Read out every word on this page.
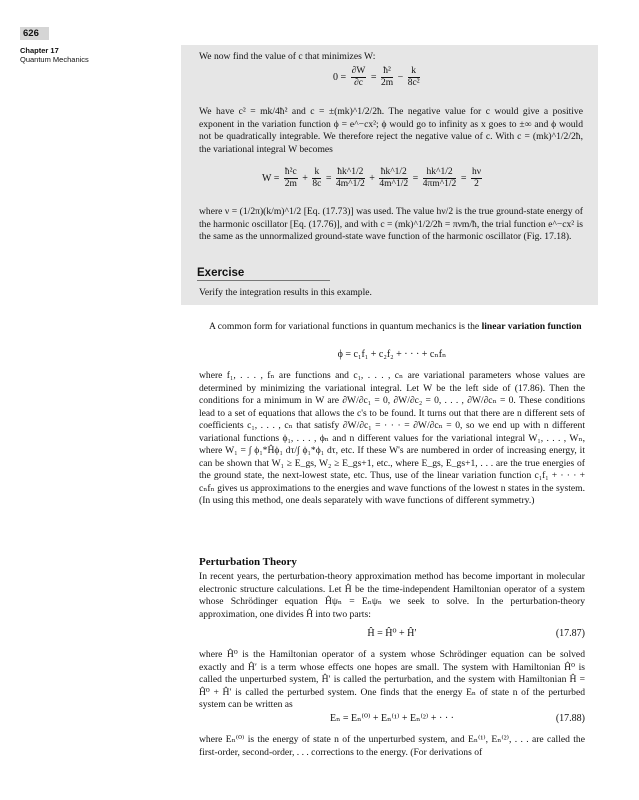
626
Chapter 17
Quantum Mechanics	We now find the value of c that minimizes W:

$0 = \frac{\partial W}{\partial c} = \frac{\text{ħ²}}{2m} - \frac{k}{\text{8c²}}$

We have c² = mk/4ħ² and c = ±(mk)^1/2/2ħ. The negative value for c would give a positive exponent in the variation function ϕ = e^−cx²; ϕ would go to infinity as x goes to ±∞ and ϕ would not be quadratically integrable. We therefore reject the negative value of c. With c = (mk)^1/2/2ħ, the variational integral W becomes

$W = \frac{\text{ħ²c}}{2m} + \frac{k}{8c} = \frac{ħk\^{}1/2}{4m\^{}1/2} + \frac{ħk\^{}1/2}{4m\^{}1/2} = \frac{hk\^{}1/2}{4\pi m\^{}1/2} = \frac{h\nu}{2}$

where ν = (1/2π)(k/m)^1/2 [Eq. (17.73)] was used. The value hν/2 is the true ground-state energy of the harmonic oscillator [Eq. (17.76)], and with c = (mk)^1/2/2ħ = πνm/ħ, the trial function e^−cx² is the same as the unnormalized ground-state wave function of the harmonic oscillator (Fig. 17.18).

Exercise

Verify the integration results in this example.

A common form for variational functions in quantum mechanics is the linear variation function

ϕ = c₁f₁ + c₂f₂ + · · · + cₙfₙ

where f₁, . . . , fₙ are functions and c₁, . . . , cₙ are variational parameters whose values are determined by minimizing the variational integral. Let W be the left side of (17.86). Then the conditions for a minimum in W are ∂W/∂c₁ = 0, ∂W/∂c₂ = 0, . . . , ∂W/∂cₙ = 0. These conditions lead to a set of equations that allows the c's to be found. It turns out that there are n different sets of coefficients c₁, . . . , cₙ that satisfy ∂W/∂c₁ = · · · = ∂W/∂cₙ = 0, so we end up with n different variational functions ϕ₁, . . . , ϕₙ and n different values for the variational integral W₁, . . . , Wₙ, where W₁ = ∫ ϕ₁*Ĥϕ₁ dτ/∫ ϕ₁*ϕ₁ dτ, etc. If these W's are numbered in order of increasing energy, it can be shown that W₁ ≥ E_gs, W₂ ≥ E_gs+1, etc., where E_gs, E_gs+1, . . . are the true energies of the ground state, the next-lowest state, etc. Thus, use of the linear variation function c₁f₁ + · · · + cₙfₙ gives us approximations to the energies and wave functions of the lowest n states in the system. (In using this method, one deals separately with wave functions of different symmetry.)

Perturbation Theory

In recent years, the perturbation-theory approximation method has become important in molecular electronic structure calculations. Let Ĥ be the time-independent Hamiltonian operator of a system whose Schrödinger equation Ĥψₙ = Eₙψₙ we seek to solve. In the perturbation-theory approximation, one divides Ĥ into two parts:

Ĥ = Ĥ⁰ + Ĥ′	(17.87)

where Ĥ⁰ is the Hamiltonian operator of a system whose Schrödinger equation can be solved exactly and Ĥ′ is a term whose effects one hopes are small. The system with Hamiltonian Ĥ⁰ is called the unperturbed system, Ĥ′ is called the perturbation, and the system with Hamiltonian Ĥ = Ĥ⁰ + Ĥ′ is called the perturbed system. One finds that the energy Eₙ of state n of the perturbed system can be written as

Eₙ = Eₙ⁽⁰⁾ + Eₙ⁽¹⁾ + Eₙ⁽²⁾ + · · ·	(17.88)

where Eₙ⁽⁰⁾ is the energy of state n of the unperturbed system, and Eₙ⁽¹⁾, Eₙ⁽²⁾, . . . are called the first-order, second-order, . . . corrections to the energy. (For derivations of
